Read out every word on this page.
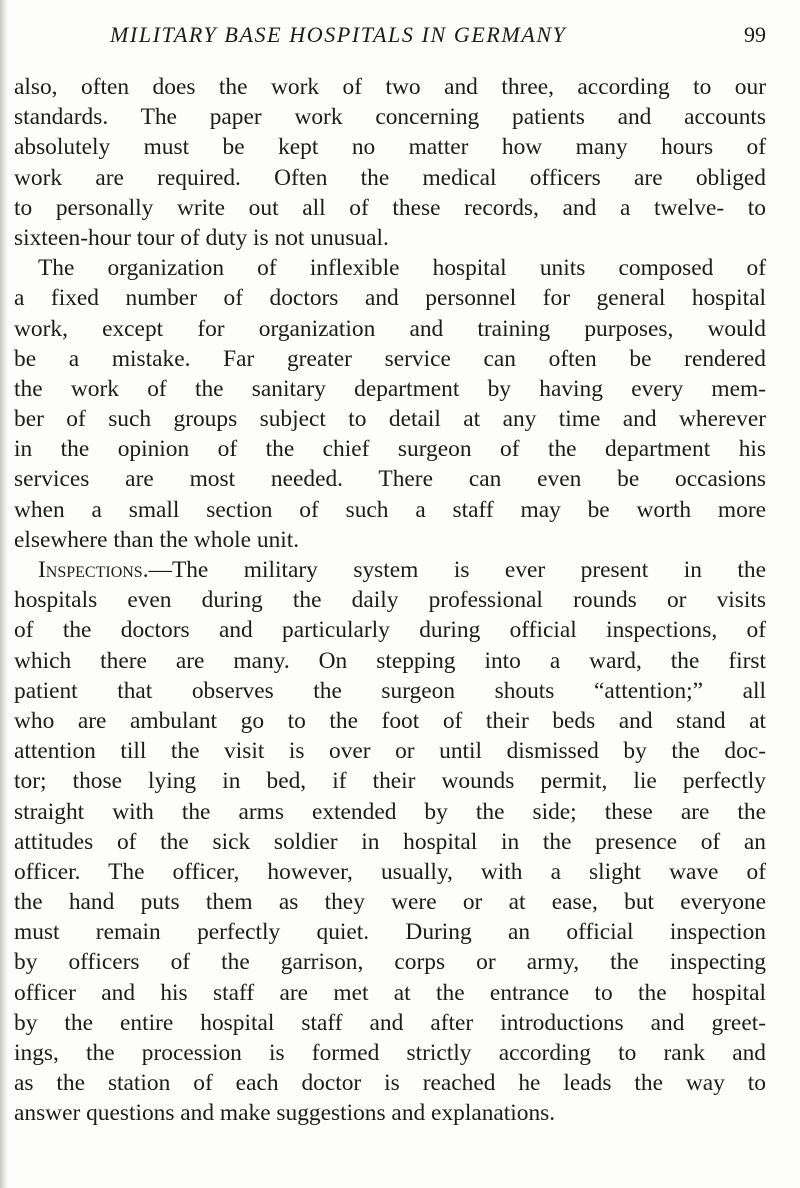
MILITARY BASE HOSPITALS IN GERMANY	99
also, often does the work of two and three, according to our
standards. The paper work concerning patients and accounts
absolutely must be kept no matter how many hours of
work are required. Often the medical officers are obliged
to personally write out all of these records, and a twelve- to
sixteen-hour tour of duty is not unusual.
The organization of inflexible hospital units composed of
a fixed number of doctors and personnel for general hospital
work, except for organization and training purposes, would
be a mistake. Far greater service can often be rendered
the work of the sanitary department by having every mem-
ber of such groups subject to detail at any time and wherever
in the opinion of the chief surgeon of the department his
services are most needed. There can even be occasions
when a small section of such a staff may be worth more
elsewhere than the whole unit.
Inspections.—The military system is ever present in the
hospitals even during the daily professional rounds or visits
of the doctors and particularly during official inspections, of
which there are many. On stepping into a ward, the first
patient that observes the surgeon shouts “attention;” all
who are ambulant go to the foot of their beds and stand at
attention till the visit is over or until dismissed by the doc-
tor; those lying in bed, if their wounds permit, lie perfectly
straight with the arms extended by the side; these are the
attitudes of the sick soldier in hospital in the presence of an
officer. The officer, however, usually, with a slight wave of
the hand puts them as they were or at ease, but everyone
must remain perfectly quiet. During an official inspection
by officers of the garrison, corps or army, the inspecting
officer and his staff are met at the entrance to the hospital
by the entire hospital staff and after introductions and greet-
ings, the procession is formed strictly according to rank and
as the station of each doctor is reached he leads the way to
answer questions and make suggestions and explanations.
